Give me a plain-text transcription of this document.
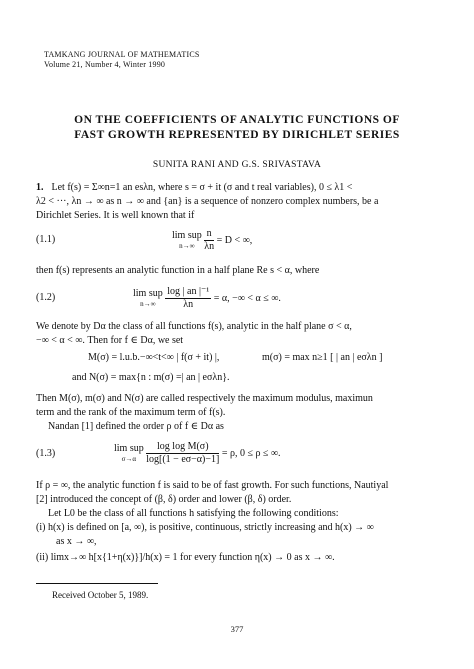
TAMKANG JOURNAL OF MATHEMATICS
Volume 21, Number 4, Winter 1990
ON THE COEFFICIENTS OF ANALYTIC FUNCTIONS OF
FAST GROWTH REPRESENTED BY DIRICHLET SERIES
SUNITA RANI AND G.S. SRIVASTAVA
1. Let f(s) = Σ∞n=1 an esλn, where s = σ + it (σ and t real variables), 0 ≤ λ1 <
λ2 < ···, λn → ∞ as n → ∞ and {an} is a sequence of nonzero complex numbers, be a
Dirichlet Series. It is well known that if
(1.1)	lim sup
n→∞
$\frac{n}{\lambda n} = D$ < ∞,
then f(s) represents an analytic function in a half plane Re s < α, where
(1.2)	lim sup
n→∞
$\frac{\text{log | an |⁻¹}}{\lambda n} = \alpha$, −∞ < α ≤ ∞.
We denote by Dα the class of all functions f(s), analytic in the half plane σ < α,
−∞ < α < ∞. Then for f ∈ Dα, we set
M(σ) = l.u.b.−∞<t<∞ | f(σ + it) |,	m(σ) = max n≥1 [ | an | eσλn ]
and N(σ) = max{n : m(σ) =| an | eσλn}.
Then M(σ), m(σ) and N(σ) are called respectively the maximum modulus, maximun
term and the rank of the maximum term of f(s).
Nandan [1] defined the order ρ of f ∈ Dα as
(1.3)	lim sup
σ→α
	$\frac{\text{log log M(σ)}}{\log[(1 - e\sigma-\alpha)-1]} = \rho$, 0 ≤ ρ ≤ ∞.
If ρ = ∞, the analytic function f is said to be of fast growth. For such functions, Nautiyal
[2] introduced the concept of (β, δ) order and lower (β, δ) order.
Let L0 be the class of all functions h satisfying the following conditions:
(i) h(x) is defined on [a, ∞), is positive, continuous, strictly increasing and h(x) → ∞
as x → ∞,
(ii) limx→∞ h[x{1+η(x)}]/h(x) = 1 for every function η(x) → 0 as x → ∞.
Received October 5, 1989.
377
